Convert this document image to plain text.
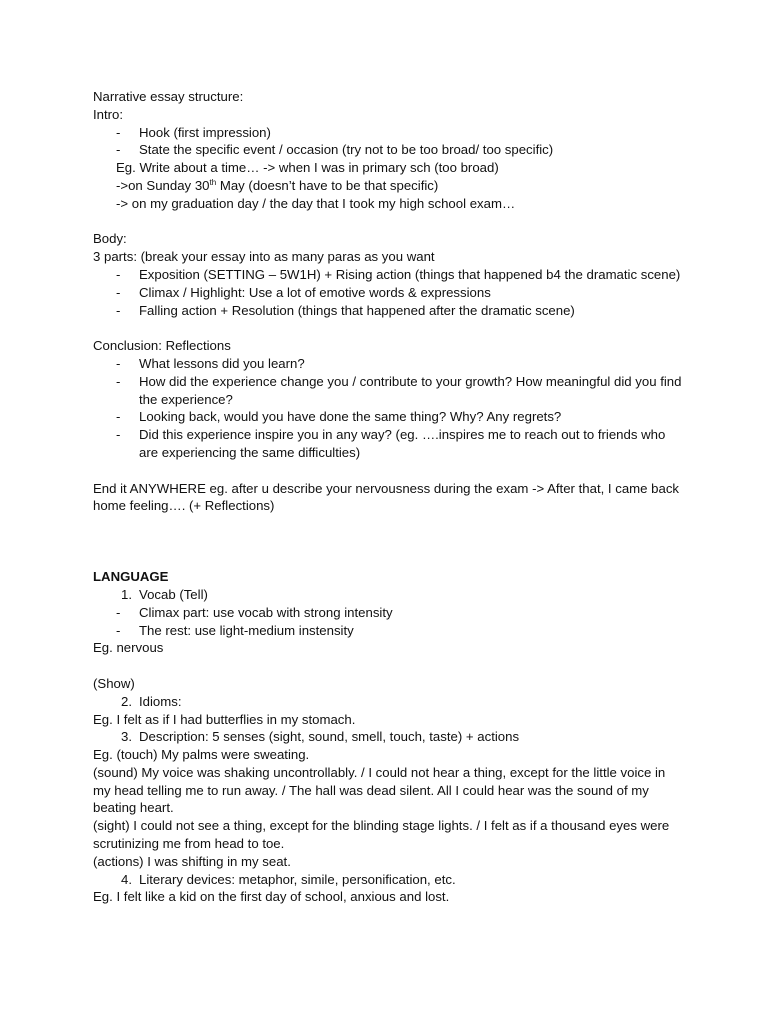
Narrative essay structure:
Intro:
- Hook (first impression)
- State the specific event / occasion (try not to be too broad/ too specific)
Eg. Write about a time… -> when I was in primary sch (too broad)
->on Sunday 30th May (doesn’t have to be that specific)
-> on my graduation day / the day that I took my high school exam…
Body:
3 parts: (break your essay into as many paras as you want
- Exposition (SETTING – 5W1H) + Rising action (things that happened b4 the dramatic scene)
- Climax / Highlight: Use a lot of emotive words & expressions
- Falling action + Resolution (things that happened after the dramatic scene)
Conclusion: Reflections
- What lessons did you learn?
- How did the experience change you / contribute to your growth? How meaningful did you find the experience?
- Looking back, would you have done the same thing? Why? Any regrets?
- Did this experience inspire you in any way? (eg. ….inspires me to reach out to friends who are experiencing the same difficulties)
End it ANYWHERE eg. after u describe your nervousness during the exam -> After that, I came back home feeling…. (+ Reflections)
LANGUAGE
1. Vocab (Tell)
- Climax part: use vocab with strong intensity
- The rest: use light-medium instensity
Eg. nervous
(Show)
2. Idioms:
Eg. I felt as if I had butterflies in my stomach.
3. Description: 5 senses (sight, sound, smell, touch, taste) + actions
Eg. (touch) My palms were sweating.
(sound) My voice was shaking uncontrollably. / I could not hear a thing, except for the little voice in my head telling me to run away. / The hall was dead silent. All I could hear was the sound of my beating heart.
(sight) I could not see a thing, except for the blinding stage lights. / I felt as if a thousand eyes were scrutinizing me from head to toe.
(actions) I was shifting in my seat.
4. Literary devices: metaphor, simile, personification, etc.
Eg. I felt like a kid on the first day of school, anxious and lost.
